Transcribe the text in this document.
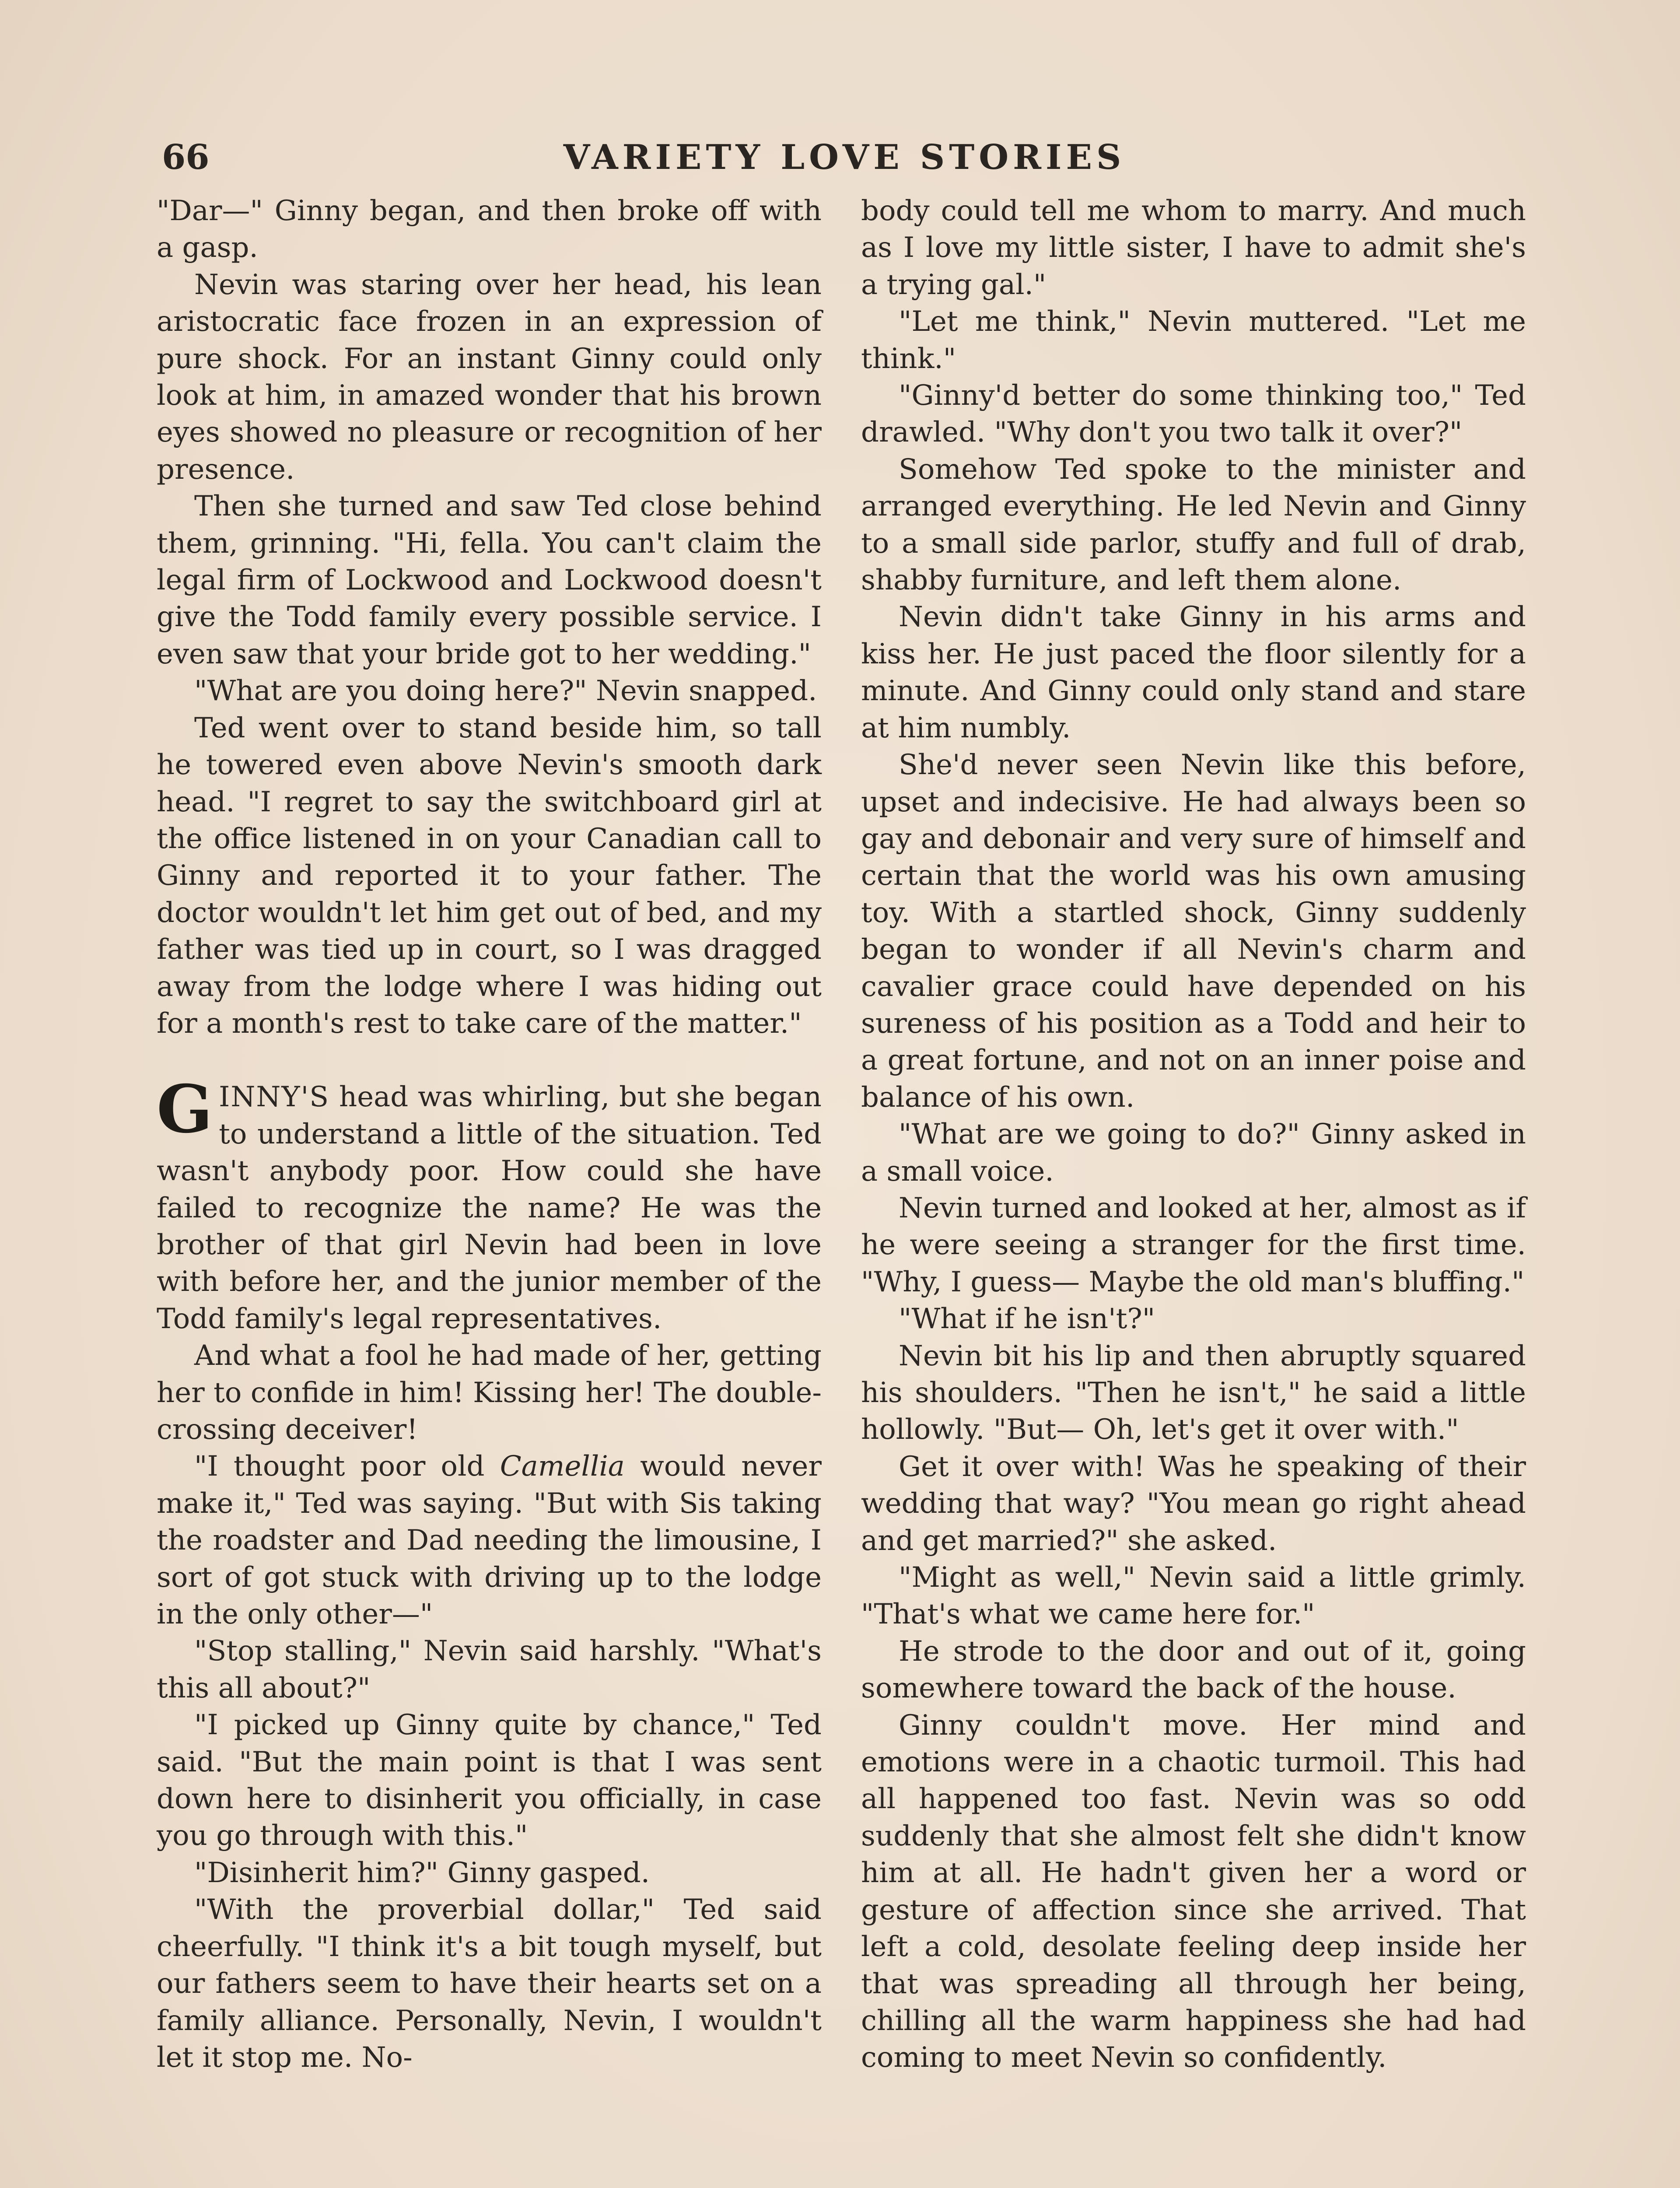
66	VARIETY LOVE STORIES

"Dar—" Ginny began, and then broke off with a gasp.

Nevin was staring over her head, his lean aristocratic face frozen in an expression of pure shock. For an instant Ginny could only look at him, in amazed wonder that his brown eyes showed no pleasure or recognition of her presence.

Then she turned and saw Ted close behind them, grinning. "Hi, fella. You can't claim the legal firm of Lockwood and Lockwood doesn't give the Todd family every possible service. I even saw that your bride got to her wedding."

"What are you doing here?" Nevin snapped.

Ted went over to stand beside him, so tall he towered even above Nevin's smooth dark head. "I regret to say the switchboard girl at the office listened in on your Canadian call to Ginny and reported it to your father. The doctor wouldn't let him get out of bed, and my father was tied up in court, so I was dragged away from the lodge where I was hiding out for a month's rest to take care of the matter."

GINNY'S head was whirling, but she began to understand a little of the situation. Ted wasn't anybody poor. How could she have failed to recognize the name? He was the brother of that girl Nevin had been in love with before her, and the junior member of the Todd family's legal representatives.

And what a fool he had made of her, getting her to confide in him! Kissing her! The double-crossing deceiver!

"I thought poor old Camellia would never make it," Ted was saying. "But with Sis taking the roadster and Dad needing the limousine, I sort of got stuck with driving up to the lodge in the only other—"

"Stop stalling," Nevin said harshly. "What's this all about?"

"I picked up Ginny quite by chance," Ted said. "But the main point is that I was sent down here to disinherit you officially, in case you go through with this."

"Disinherit him?" Ginny gasped.

"With the proverbial dollar," Ted said cheerfully. "I think it's a bit tough myself, but our fathers seem to have their hearts set on a family alliance. Personally, Nevin, I wouldn't let it stop me. No-

body could tell me whom to marry. And much as I love my little sister, I have to admit she's a trying gal."

"Let me think," Nevin muttered. "Let me think."

"Ginny'd better do some thinking too," Ted drawled. "Why don't you two talk it over?"

Somehow Ted spoke to the minister and arranged everything. He led Nevin and Ginny to a small side parlor, stuffy and full of drab, shabby furniture, and left them alone.

Nevin didn't take Ginny in his arms and kiss her. He just paced the floor silently for a minute. And Ginny could only stand and stare at him numbly.

She'd never seen Nevin like this before, upset and indecisive. He had always been so gay and debonair and very sure of himself and certain that the world was his own amusing toy. With a startled shock, Ginny suddenly began to wonder if all Nevin's charm and cavalier grace could have depended on his sureness of his position as a Todd and heir to a great fortune, and not on an inner poise and balance of his own.

"What are we going to do?" Ginny asked in a small voice.

Nevin turned and looked at her, almost as if he were seeing a stranger for the first time. "Why, I guess— Maybe the old man's bluffing."

"What if he isn't?"

Nevin bit his lip and then abruptly squared his shoulders. "Then he isn't," he said a little hollowly. "But— Oh, let's get it over with."

Get it over with! Was he speaking of their wedding that way? "You mean go right ahead and get married?" she asked.

"Might as well," Nevin said a little grimly. "That's what we came here for."

He strode to the door and out of it, going somewhere toward the back of the house.

Ginny couldn't move. Her mind and emotions were in a chaotic turmoil. This had all happened too fast. Nevin was so odd suddenly that she almost felt she didn't know him at all. He hadn't given her a word or gesture of affection since she arrived. That left a cold, desolate feeling deep inside her that was spreading all through her being, chilling all the warm happiness she had had coming to meet Nevin so confidently.
